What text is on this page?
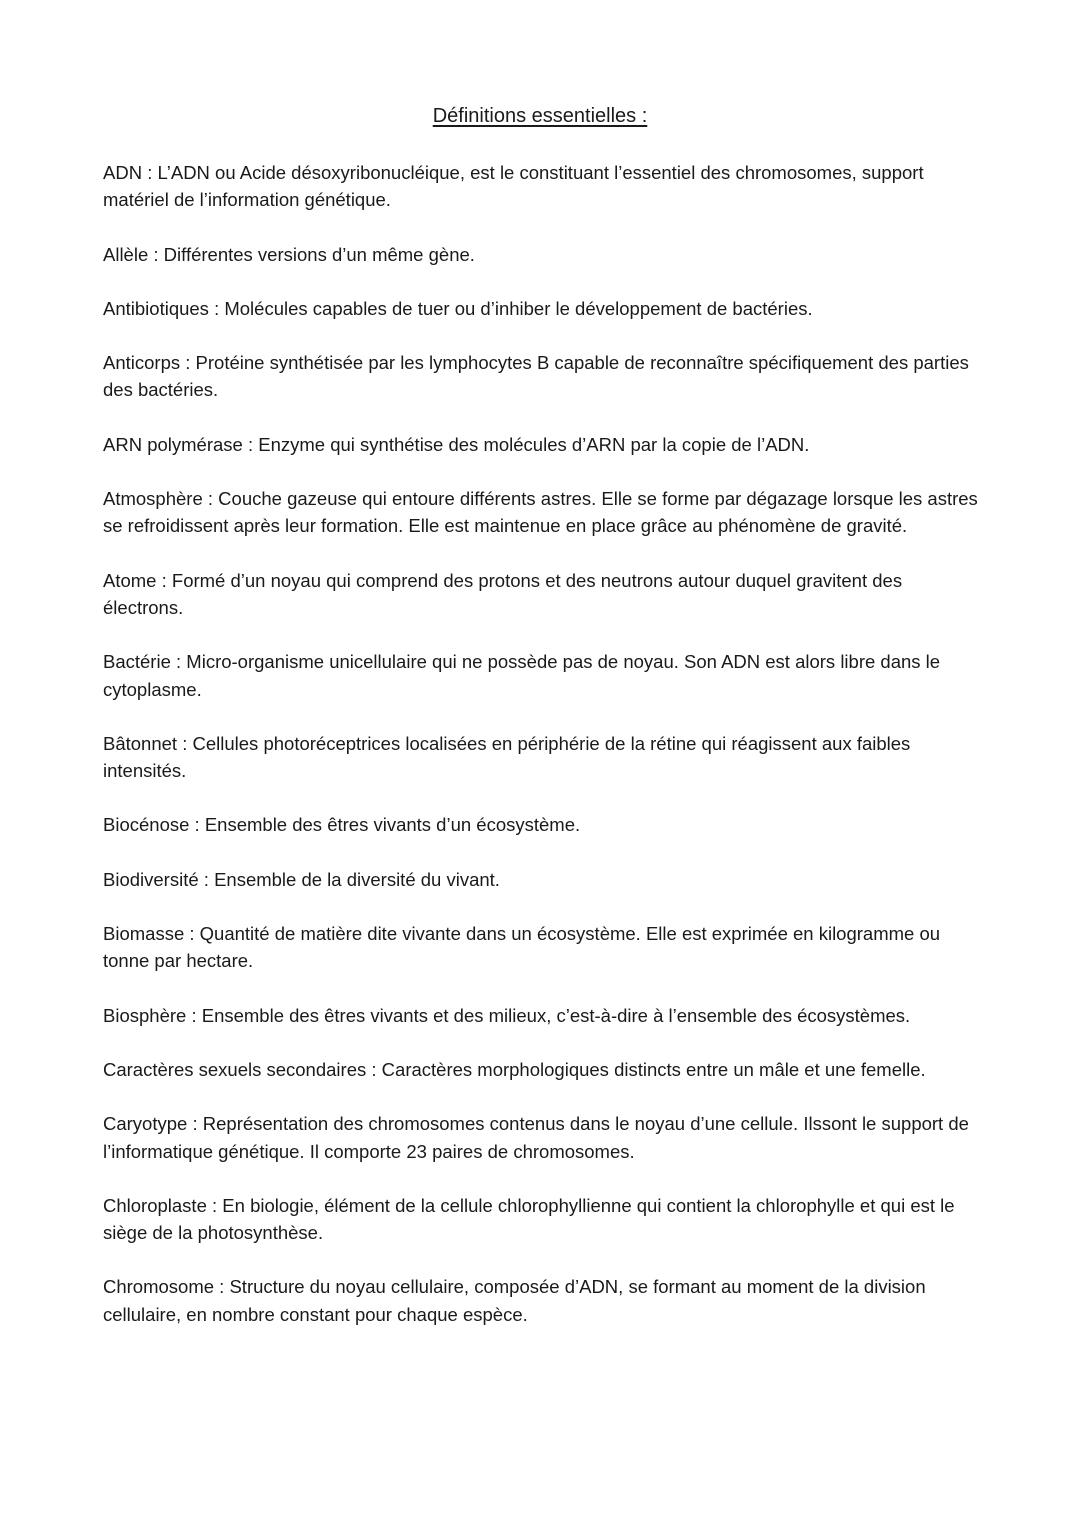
Définitions essentielles :

ADN : L’ADN ou Acide désoxyribonucléique, est le constituant l’essentiel des chromosomes, support matériel de l’information génétique.

Allèle : Différentes versions d’un même gène.

Antibiotiques : Molécules capables de tuer ou d’inhiber le développement de bactéries.

Anticorps : Protéine synthétisée par les lymphocytes B capable de reconnaître spécifiquement des parties des bactéries.

ARN polymérase : Enzyme qui synthétise des molécules d’ARN par la copie de l’ADN.

Atmosphère : Couche gazeuse qui entoure différents astres. Elle se forme par dégazage lorsque les astres se refroidissent après leur formation. Elle est maintenue en place grâce au phénomène de gravité.

Atome : Formé d’un noyau qui comprend des protons et des neutrons autour duquel gravitent des électrons.

Bactérie : Micro-organisme unicellulaire qui ne possède pas de noyau. Son ADN est alors libre dans le cytoplasme.

Bâtonnet : Cellules photoréceptrices localisées en périphérie de la rétine qui réagissent aux faibles intensités.

Biocénose : Ensemble des êtres vivants d’un écosystème.

Biodiversité : Ensemble de la diversité du vivant.

Biomasse : Quantité de matière dite vivante dans un écosystème. Elle est exprimée en kilogramme ou tonne par hectare.

Biosphère : Ensemble des êtres vivants et des milieux, c’est-à-dire à l’ensemble des écosystèmes.

Caractères sexuels secondaires : Caractères morphologiques distincts entre un mâle et une femelle.

Caryotype : Représentation des chromosomes contenus dans le noyau d’une cellule. Ilssont le support de l’informatique génétique. Il comporte 23 paires de chromosomes.

Chloroplaste : En biologie, élément de la cellule chlorophyllienne qui contient la chlorophylle et qui est le siège de la photosynthèse.

Chromosome : Structure du noyau cellulaire, composée d’ADN, se formant au moment de la division cellulaire, en nombre constant pour chaque espèce.
